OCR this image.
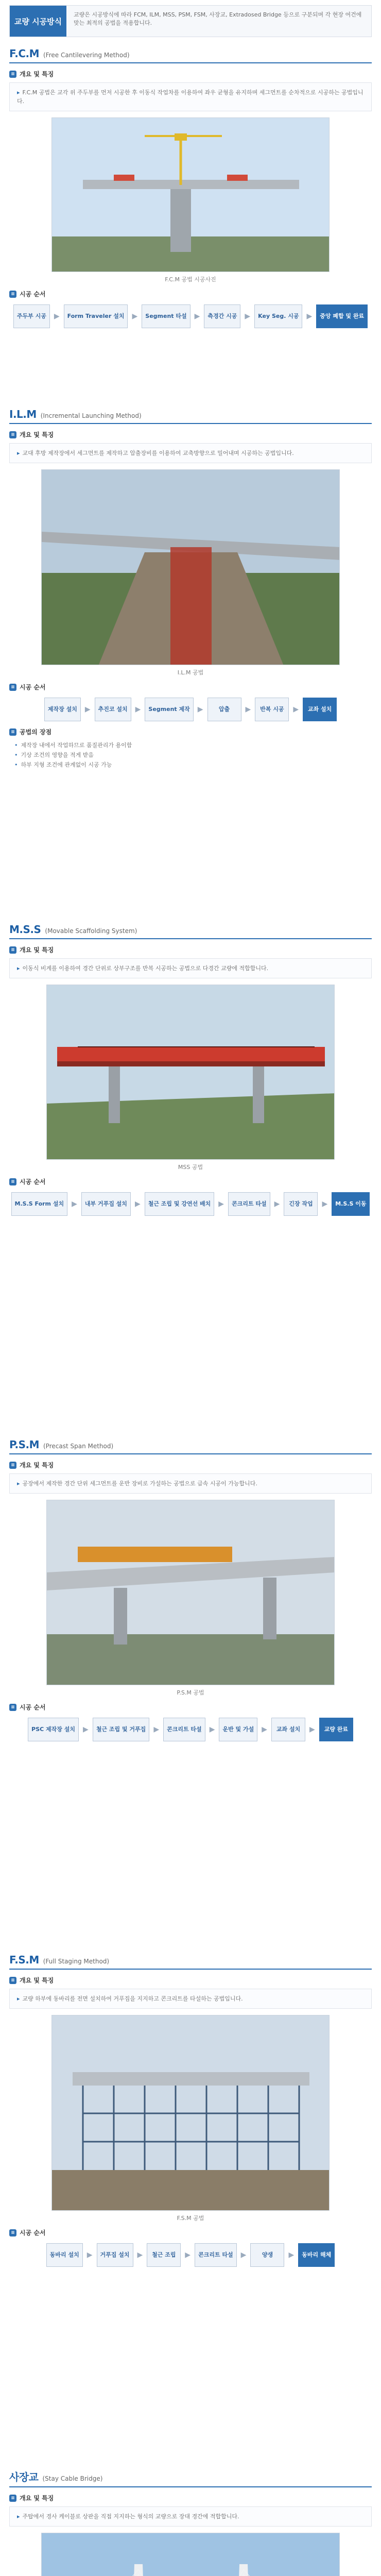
교량 시공방식
교량은 시공방식에 따라 FCM, ILM, MSS, PSM, FSM, 사장교, Extradosed Bridge 등으로 구분되며 각 현장 여건에 맞는 최적의 공법을 적용합니다.
F.C.M (Free Cantilevering Method)
≡ 개요 및 특징
▸ F.C.M 공법은 교각 위 주두부를 먼저 시공한 후 이동식 작업차를 이용하여 좌우 균형을 유지하며 세그먼트를 순차적으로 시공하는 공법입니다.
F.C.M 공법 시공사진
≡ 시공 순서
주두부 시공	▶	Form Traveler 설치	▶	Segment 타설	▶	측경간 시공	▶	Key Seg. 시공	▶	중앙 폐합 및 완료
I.L.M (Incremental Launching Method)
≡ 개요 및 특징
▸ 교대 후방 제작장에서 세그먼트를 제작하고 압출장비를 이용하여 교축방향으로 밀어내며 시공하는 공법입니다.
I.L.M 공법
≡ 시공 순서
제작장 설치	▶	추진코 설치	▶	Segment 제작	▶	압출	▶	반복 시공	▶	교좌 설치
≡ 공법의 장점
• 제작장 내에서 작업하므로 품질관리가 용이함
• 기상 조건의 영향을 적게 받음
• 하부 지형 조건에 관계없이 시공 가능
M.S.S (Movable Scaffolding System)
≡ 개요 및 특징
▸ 이동식 비계를 이용하여 경간 단위로 상부구조를 반복 시공하는 공법으로 다경간 교량에 적합합니다.
MSS 공법
≡ 시공 순서
M.S.S Form 설치	▶	내부 거푸집 설치	▶	철근 조립 및 강연선 배치	▶	콘크리트 타설	▶	긴장 작업	▶	M.S.S 이동
P.S.M (Precast Span Method)
≡ 개요 및 특징
▸ 공장에서 제작한 경간 단위 세그먼트를 운반 장비로 가설하는 공법으로 급속 시공이 가능합니다.
P.S.M 공법
≡ 시공 순서
PSC 제작장 설치	▶	철근 조립 및 거푸집	▶	콘크리트 타설	▶	운반 및 가설	▶	교좌 설치	▶	교량 완료
F.S.M (Full Staging Method)
≡ 개요 및 특징
▸ 교량 하부에 동바리를 전면 설치하여 거푸집을 지지하고 콘크리트를 타설하는 공법입니다.
F.S.M 공법
≡ 시공 순서
동바리 설치	▶	거푸집 설치	▶	철근 조립	▶	콘크리트 타설	▶	양생	▶	동바리 해체
사장교 (Stay Cable Bridge)
≡ 개요 및 특징
▸ 주탑에서 경사 케이블로 상판을 직접 지지하는 형식의 교량으로 장대 경간에 적합합니다.
